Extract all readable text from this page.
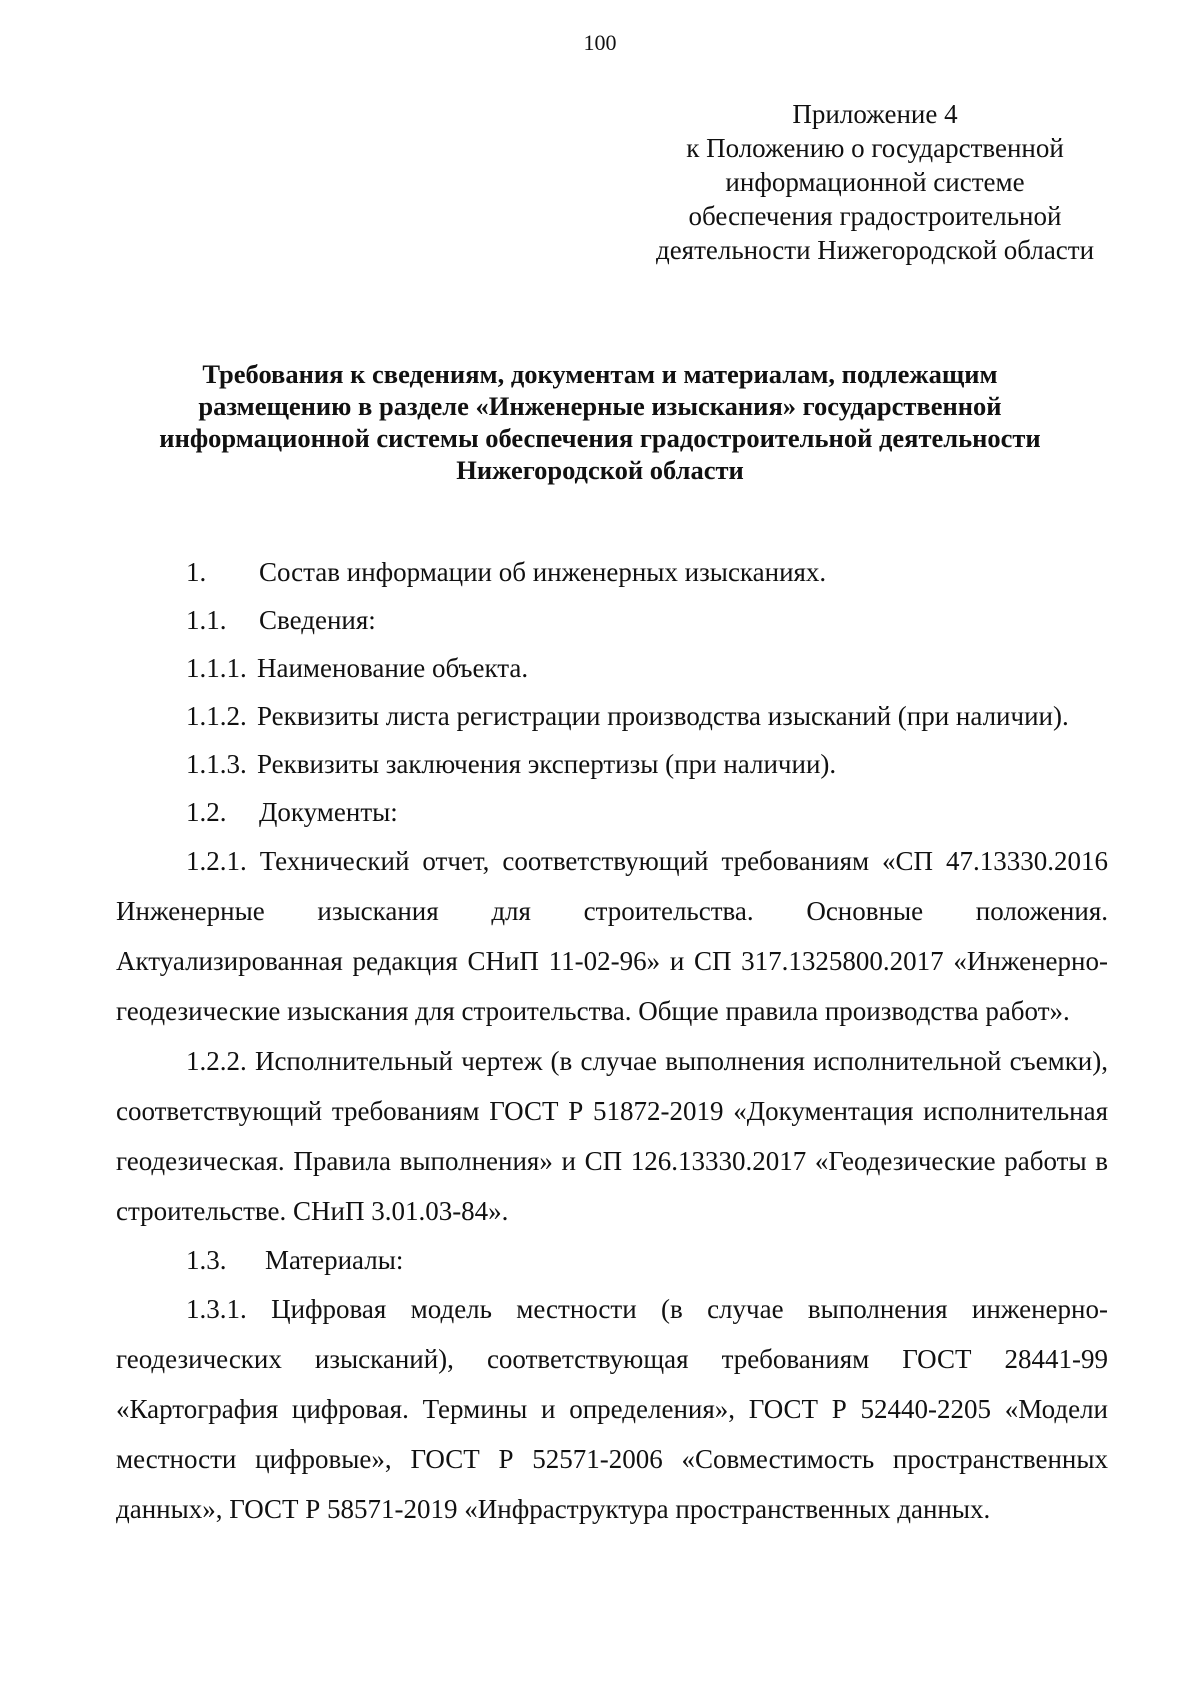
100
Приложение 4
к Положению о государственной
информационной системе
обеспечения градостроительной
деятельности Нижегородской области
Требования к сведениям, документам и материалам, подлежащим
размещению в разделе «Инженерные изыскания» государственной
информационной системы обеспечения градостроительной деятельности
Нижегородской области
1. Состав информации об инженерных изысканиях.
1.1. Сведения:
1.1.1. Наименование объекта.
1.1.2. Реквизиты листа регистрации производства изысканий (при наличии).
1.1.3. Реквизиты заключения экспертизы (при наличии).
1.2. Документы:

1.2.1. Технический отчет, соответствующий требованиям «СП 47.13330.2016 Инженерные изыскания для строительства. Основные положения. Актуализированная редакция СНиП 11-02-96» и СП 317.1325800.2017 «Инженерно-геодезические изыскания для строительства. Общие правила производства работ».

1.2.2. Исполнительный чертеж (в случае выполнения исполнительной съемки), соответствующий требованиям ГОСТ Р 51872-2019 «Документация исполнительная геодезическая. Правила выполнения» и СП 126.13330.2017 «Геодезические работы в строительстве. СНиП 3.01.03-84».

1.3. Материалы:

1.3.1. Цифровая модель местности (в случае выполнения инженерно-геодезических изысканий), соответствующая требованиям ГОСТ 28441-99 «Картография цифровая. Термины и определения», ГОСТ Р 52440-2205 «Модели местности цифровые», ГОСТ Р 52571-2006 «Совместимость пространственных данных», ГОСТ Р 58571-2019 «Инфраструктура пространственных данных.
